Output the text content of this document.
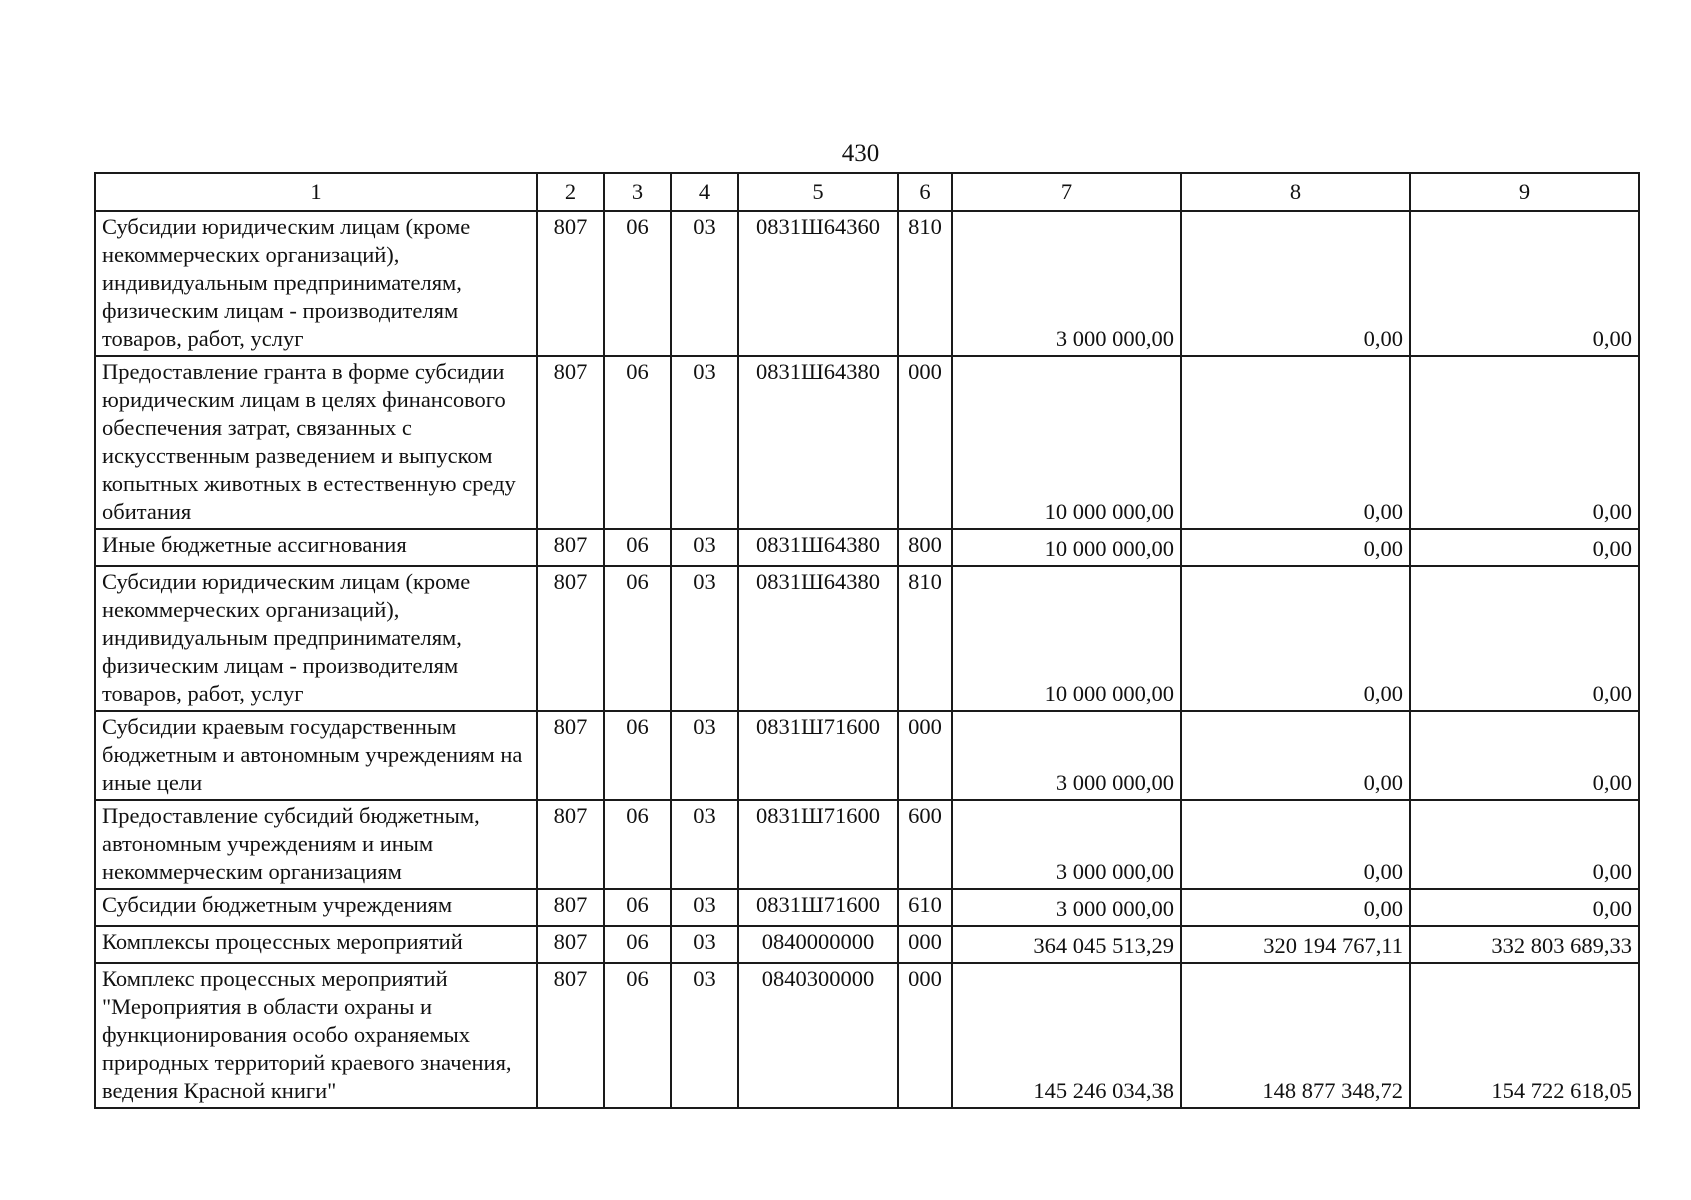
430
1	2	3	4	5	6	7	8	9
Субсидии юридическим лицам (кроме некоммерческих организаций), индивидуальным предпринимателям, физическим лицам - производителям товаров, работ, услуг	807	06	03	0831Ш64360	810	3 000 000,00	0,00	0,00
Предоставление гранта в форме субсидии юридическим лицам в целях финансового обеспечения затрат, связанных с искусственным разведением и выпуском копытных животных в естественную среду обитания	807	06	03	0831Ш64380	000	10 000 000,00	0,00	0,00
Иные бюджетные ассигнования	807	06	03	0831Ш64380	800	10 000 000,00	0,00	0,00
Субсидии юридическим лицам (кроме некоммерческих организаций), индивидуальным предпринимателям, физическим лицам - производителям товаров, работ, услуг	807	06	03	0831Ш64380	810	10 000 000,00	0,00	0,00
Субсидии краевым государственным бюджетным и автономным учреждениям на иные цели	807	06	03	0831Ш71600	000	3 000 000,00	0,00	0,00
Предоставление субсидий бюджетным, автономным учреждениям и иным некоммерческим организациям	807	06	03	0831Ш71600	600	3 000 000,00	0,00	0,00
Субсидии бюджетным учреждениям	807	06	03	0831Ш71600	610	3 000 000,00	0,00	0,00
Комплексы процессных мероприятий	807	06	03	0840000000	000	364 045 513,29	320 194 767,11	332 803 689,33
Комплекс процессных мероприятий "Мероприятия в области охраны и функционирования особо охраняемых природных территорий краевого значения, ведения Красной книги"	807	06	03	0840300000	000	145 246 034,38	148 877 348,72	154 722 618,05
